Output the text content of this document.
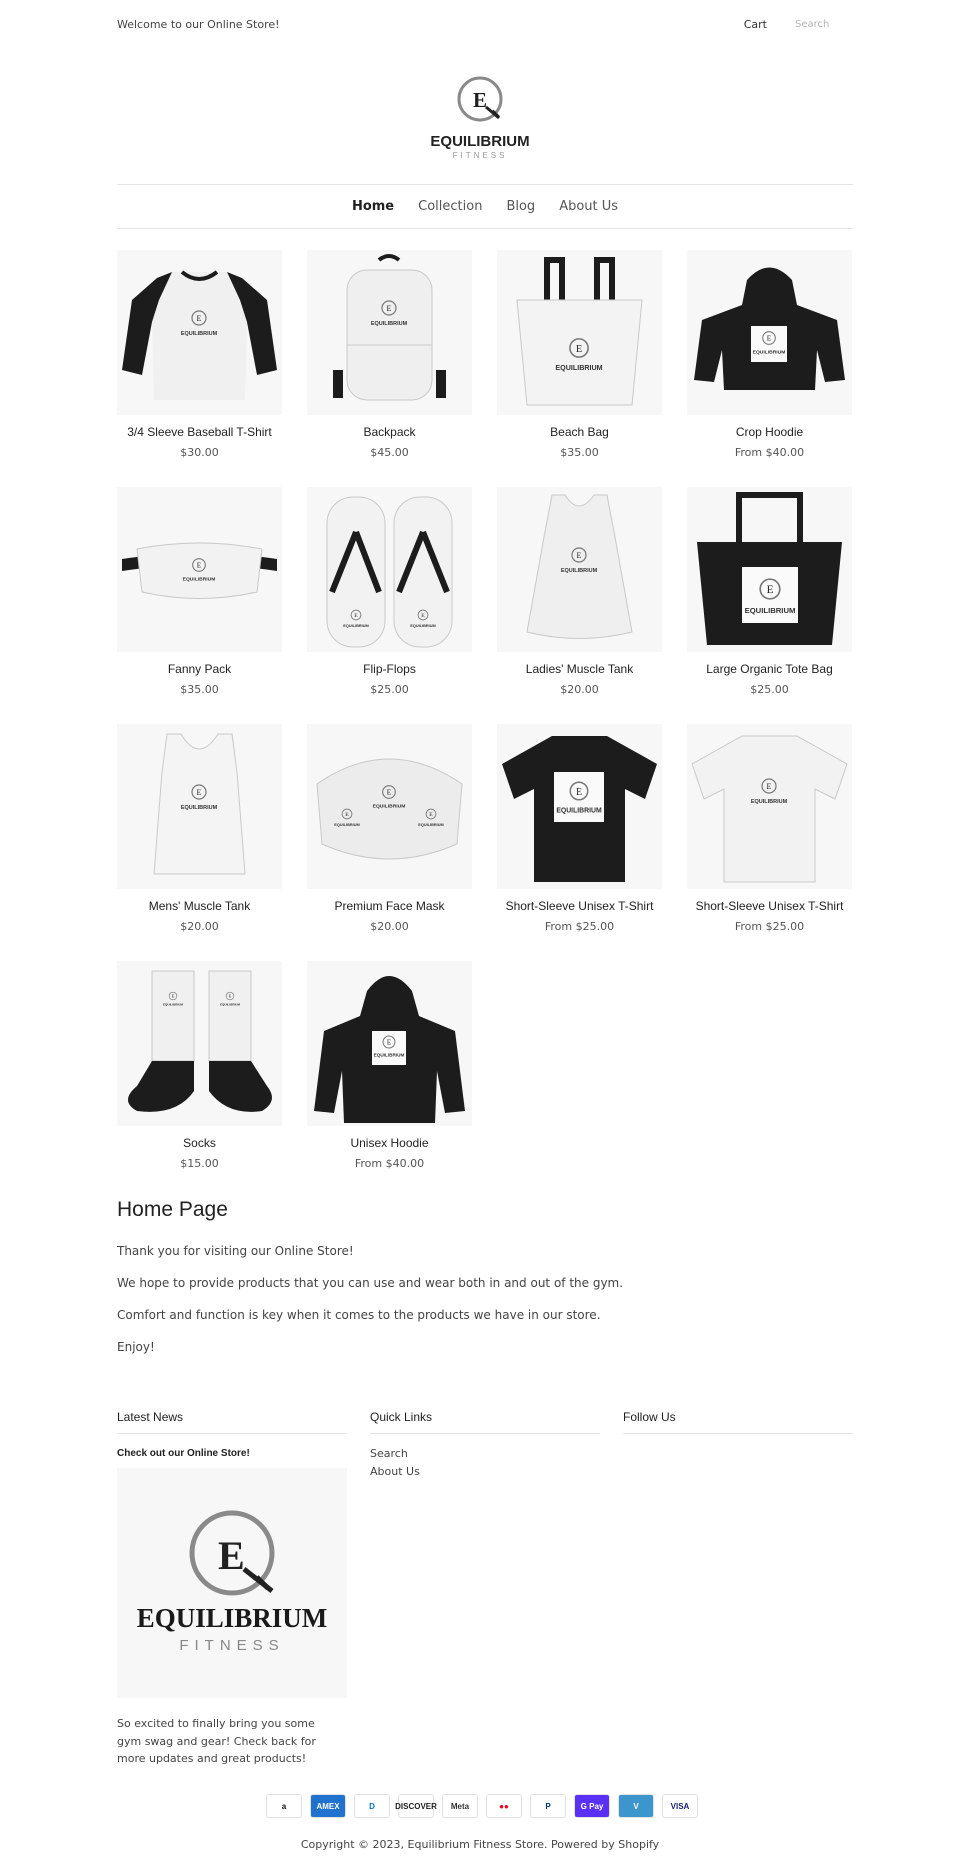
Welcome to our Online Store!	Cart
Search
E
EQUILIBRIUM
FITNESS
Home Collection Blog About Us
E
EQUILIBRIUM
3/4 Sleeve Baseball T-Shirt
$30.00
E
EQUILIBRIUM
Backpack
$45.00
E
EQUILIBRIUM
Beach Bag
$35.00
E
EQUILIBRIUM
Crop Hoodie
From $40.00
E
EQUILIBRIUM
Fanny Pack
$35.00
E
EQUILIBRIUM
E
EQUILIBRIUM
Flip-Flops
$25.00
E
EQUILIBRIUM
Ladies' Muscle Tank
$20.00
E
EQUILIBRIUM
Large Organic Tote Bag
$25.00
E
EQUILIBRIUM
Mens' Muscle Tank
$20.00
E
EQUILIBRIUM
E
EQUILIBRIUM
E
EQUILIBRIUM
Premium Face Mask
$20.00
E
EQUILIBRIUM
Short-Sleeve Unisex T-Shirt
From $25.00
E
EQUILIBRIUM
Short-Sleeve Unisex T-Shirt
From $25.00
E
EQUILIBRIUM
E
EQUILIBRIUM
Socks
$15.00
E
EQUILIBRIUM
Unisex Hoodie
From $40.00
Home Page

Thank you for visiting our Online Store!

We hope to provide products that you can use and wear both in and out of the gym.

Comfort and function is key when it comes to the products we have in our store.

Enjoy!

Latest News
Check out our Online Store!
E
EQUILIBRIUM
FITNESS
So excited to finally bring you some gym swag and gear! Check back for more updates and great products!
Quick Links
Search
About Us
Follow Us
a	AMEX	D	DISCOVER	Meta	●●	P	G Pay	V	VISA
Copyright © 2023, Equilibrium Fitness Store. Powered by Shopify
